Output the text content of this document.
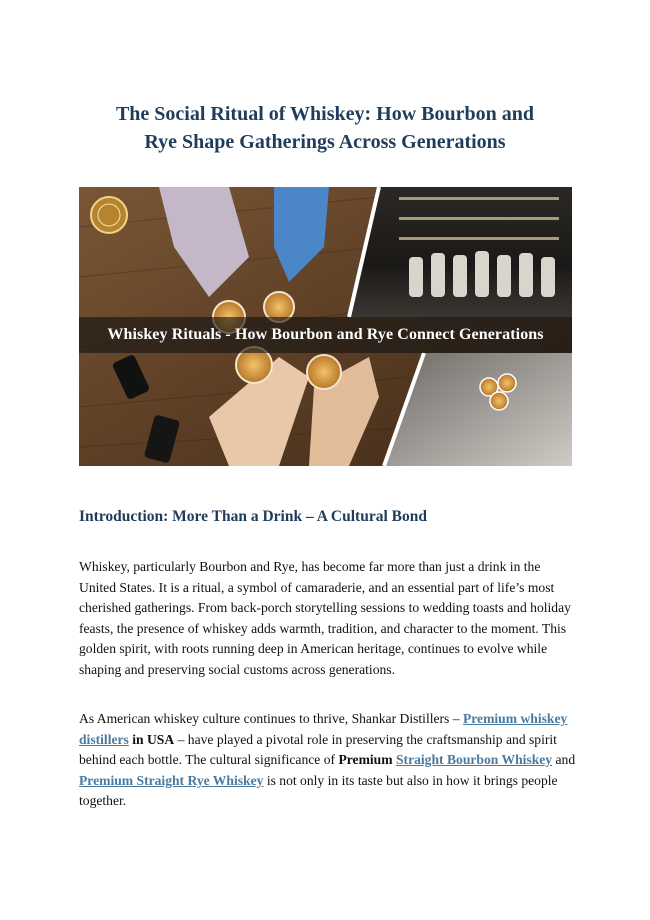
The Social Ritual of Whiskey: How Bourbon and
Rye Shape Gatherings Across Generations
Whiskey Rituals - How Bourbon and Rye Connect Generations
Introduction: More Than a Drink – A Cultural Bond
Whiskey, particularly Bourbon and Rye, has become far more than just a drink in the United States. It is a ritual, a symbol of camaraderie, and an essential part of life’s most cherished gatherings. From back-porch storytelling sessions to wedding toasts and holiday feasts, the presence of whiskey adds warmth, tradition, and character to the moment. This golden spirit, with roots running deep in American heritage, continues to evolve while shaping and preserving social customs across generations.
As American whiskey culture continues to thrive, Shankar Distillers – Premium whiskey distillers in USA – have played a pivotal role in preserving the craftsmanship and spirit behind each bottle. The cultural significance of Premium Straight Bourbon Whiskey and Premium Straight Rye Whiskey is not only in its taste but also in how it brings people together.
